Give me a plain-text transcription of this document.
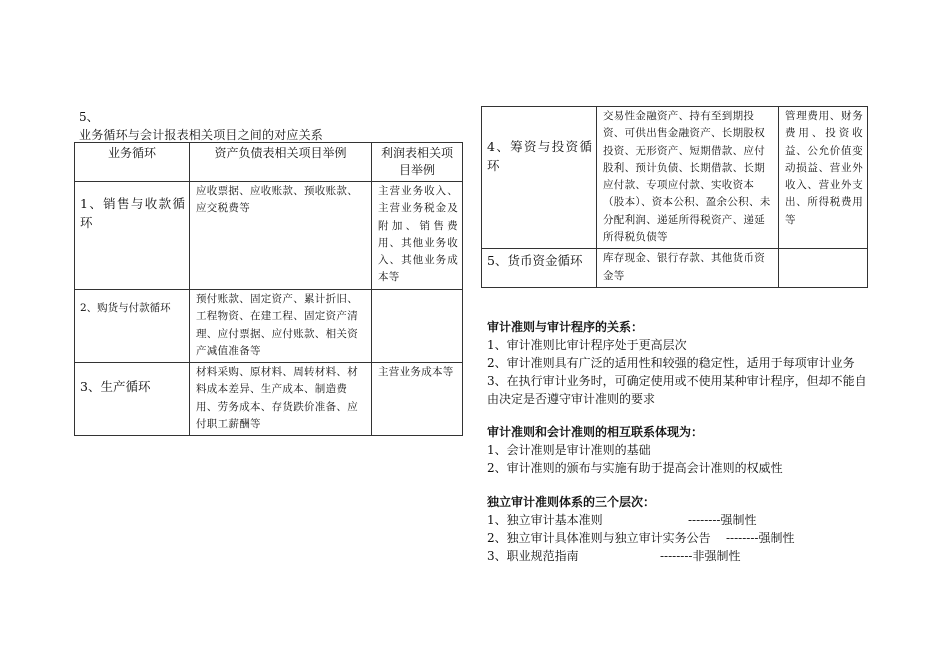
5、
业务循环与会计报表相关项目之间的对应关系
业务循环	资产负债表相关项目举例	利润表相关项目举例
1、销售与收款循环	应收票据、应收账款、预收账款、应交税费等	主营业务收入、主营业务税金及附加、销售费用、其他业务收入、其他业务成本等
2、购货与付款循环	预付账款、固定资产、累计折旧、工程物资、在建工程、固定资产清理、应付票据、应付账款、相关资产减值准备等	
3、生产循环	材料采购、原材料、周转材料、材料成本差异、生产成本、制造费用、劳务成本、存货跌价准备、应付职工薪酬等	主营业务成本等
4、筹资与投资循环	交易性金融资产、持有至到期投资、可供出售金融资产、长期股权投资、无形资产、短期借款、应付股利、预计负债、长期借款、长期应付款、专项应付款、实收资本（股本）、资本公积、盈余公积、未分配利润、递延所得税资产、递延所得税负债等	管理费用、财务费用、投资收益、公允价值变动损益、营业外收入、营业外支出、所得税费用等
5、货币资金循环	库存现金、银行存款、其他货币资金等	
审计准则与审计程序的关系：
1、审计准则比审计程序处于更高层次
2、审计准则具有广泛的适用性和较强的稳定性，适用于每项审计业务
3、在执行审计业务时，可确定使用或不使用某种审计程序，但却不能自
由决定是否遵守审计准则的要求
审计准则和会计准则的相互联系体现为：
1、会计准则是审计准则的基础
2、审计准则的颁布与实施有助于提高会计准则的权威性
独立审计准则体系的三个层次：
1、独立审计基本准则	--------强制性
2、独立审计具体准则与独立审计实务公告 --------强制性
3、职业规范指南	--------非强制性
